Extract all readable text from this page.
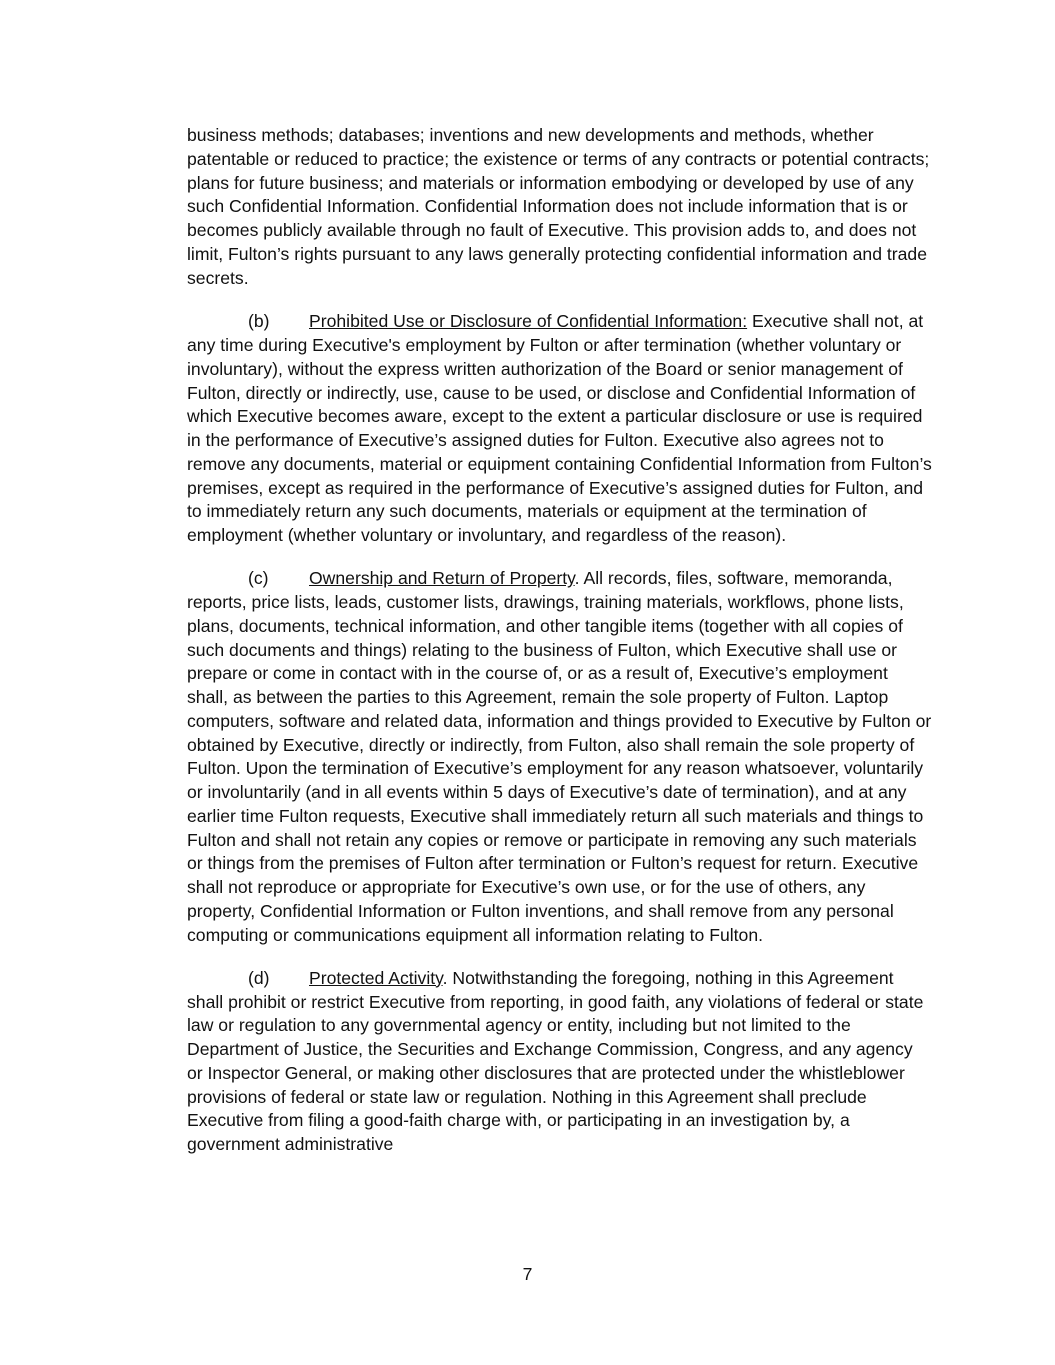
business methods; databases; inventions and new developments and methods, whether patentable or reduced to practice; the existence or terms of any contracts or potential contracts; plans for future business; and materials or information embodying or developed by use of any such Confidential Information. Confidential Information does not include information that is or becomes publicly available through no fault of Executive. This provision adds to, and does not limit, Fulton’s rights pursuant to any laws generally protecting confidential information and trade secrets.

(b) Prohibited Use or Disclosure of Confidential Information: Executive shall not, at any time during Executive's employment by Fulton or after termination (whether voluntary or involuntary), without the express written authorization of the Board or senior management of Fulton, directly or indirectly, use, cause to be used, or disclose and Confidential Information of which Executive becomes aware, except to the extent a particular disclosure or use is required in the performance of Executive’s assigned duties for Fulton. Executive also agrees not to remove any documents, material or equipment containing Confidential Information from Fulton’s premises, except as required in the performance of Executive’s assigned duties for Fulton, and to immediately return any such documents, materials or equipment at the termination of employment (whether voluntary or involuntary, and regardless of the reason).

(c) Ownership and Return of Property. All records, files, software, memoranda, reports, price lists, leads, customer lists, drawings, training materials, workflows, phone lists, plans, documents, technical information, and other tangible items (together with all copies of such documents and things) relating to the business of Fulton, which Executive shall use or prepare or come in contact with in the course of, or as a result of, Executive’s employment shall, as between the parties to this Agreement, remain the sole property of Fulton. Laptop computers, software and related data, information and things provided to Executive by Fulton or obtained by Executive, directly or indirectly, from Fulton, also shall remain the sole property of Fulton. Upon the termination of Executive’s employment for any reason whatsoever, voluntarily or involuntarily (and in all events within 5 days of Executive’s date of termination), and at any earlier time Fulton requests, Executive shall immediately return all such materials and things to Fulton and shall not retain any copies or remove or participate in removing any such materials or things from the premises of Fulton after termination or Fulton’s request for return. Executive shall not reproduce or appropriate for Executive’s own use, or for the use of others, any property, Confidential Information or Fulton inventions, and shall remove from any personal computing or communications equipment all information relating to Fulton.

(d) Protected Activity. Notwithstanding the foregoing, nothing in this Agreement shall prohibit or restrict Executive from reporting, in good faith, any violations of federal or state law or regulation to any governmental agency or entity, including but not limited to the Department of Justice, the Securities and Exchange Commission, Congress, and any agency or Inspector General, or making other disclosures that are protected under the whistleblower provisions of federal or state law or regulation. Nothing in this Agreement shall preclude Executive from filing a good-faith charge with, or participating in an investigation by, a government administrative

7
